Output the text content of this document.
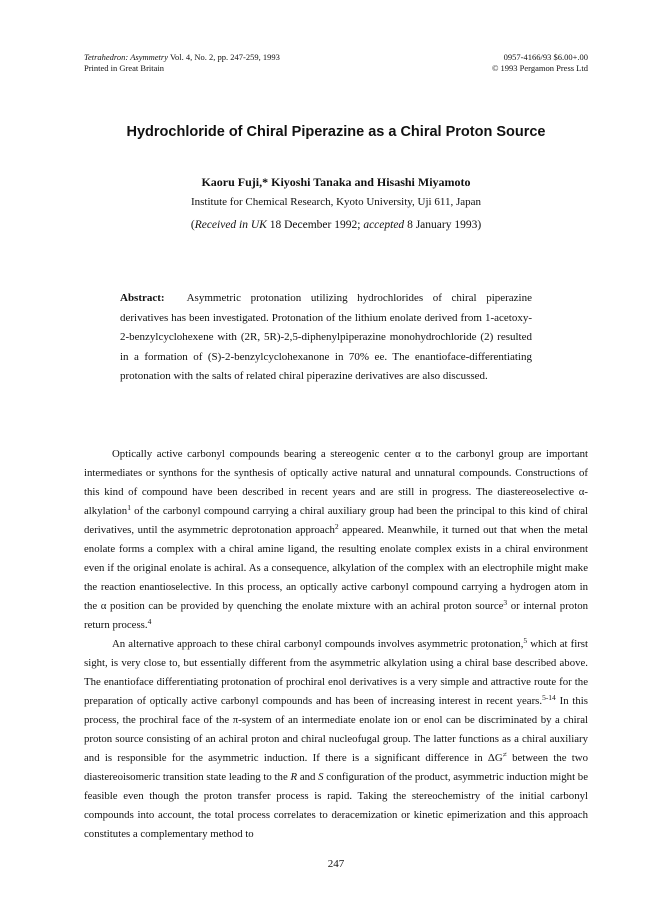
Tetrahedron: Asymmetry Vol. 4, No. 2, pp. 247-259, 1993
Printed in Great Britain
0957-4166/93 $6.00+.00
© 1993 Pergamon Press Ltd
Hydrochloride of Chiral Piperazine as a Chiral Proton Source
Kaoru Fuji,* Kiyoshi Tanaka and Hisashi Miyamoto
Institute for Chemical Research, Kyoto University, Uji 611, Japan
(Received in UK 18 December 1992; accepted 8 January 1993)
Abstract: Asymmetric protonation utilizing hydrochlorides of chiral piperazine derivatives has been investigated. Protonation of the lithium enolate derived from 1-acetoxy-2-benzylcyclohexene with (2R, 5R)-2,5-diphenylpiperazine monohydrochloride (2) resulted in a formation of (S)-2-benzylcyclohexanone in 70% ee. The enantioface-differentiating protonation with the salts of related chiral piperazine derivatives are also discussed.

Optically active carbonyl compounds bearing a stereogenic center α to the carbonyl group are important intermediates or synthons for the synthesis of optically active natural and unnatural compounds. Constructions of this kind of compound have been described in recent years and are still in progress. The diastereoselective α-alkylation$^1$ of the carbonyl compound carrying a chiral auxiliary group had been the principal to this kind of chiral derivatives, until the asymmetric deprotonation approach$^2$ appeared. Meanwhile, it turned out that when the metal enolate forms a complex with a chiral amine ligand, the resulting enolate complex exists in a chiral environment even if the original enolate is achiral. As a consequence, alkylation of the complex with an electrophile might make the reaction enantioselective. In this process, an optically active carbonyl compound carrying a hydrogen atom in the α position can be provided by quenching the enolate mixture with an achiral proton source$^3$ or internal proton return process.$^4$

An alternative approach to these chiral carbonyl compounds involves asymmetric protonation,$^5$ which at first sight, is very close to, but essentially different from the asymmetric alkylation using a chiral base described above. The enantioface differentiating protonation of prochiral enol derivatives is a very simple and attractive route for the preparation of optically active carbonyl compounds and has been of increasing interest in recent years.$^{5-14}$ In this process, the prochiral face of the π-system of an intermediate enolate ion or enol can be discriminated by a chiral proton source consisting of an achiral proton and chiral nucleofugal group. The latter functions as a chiral auxiliary and is responsible for the asymmetric induction. If there is a significant difference in ΔG≠ between the two diastereoisomeric transition state leading to the R and S configuration of the product, asymmetric induction might be feasible even though the proton transfer process is rapid. Taking the stereochemistry of the initial carbonyl compounds into account, the total process correlates to deracemization or kinetic epimerization and this approach constitutes a complementary method to

247
